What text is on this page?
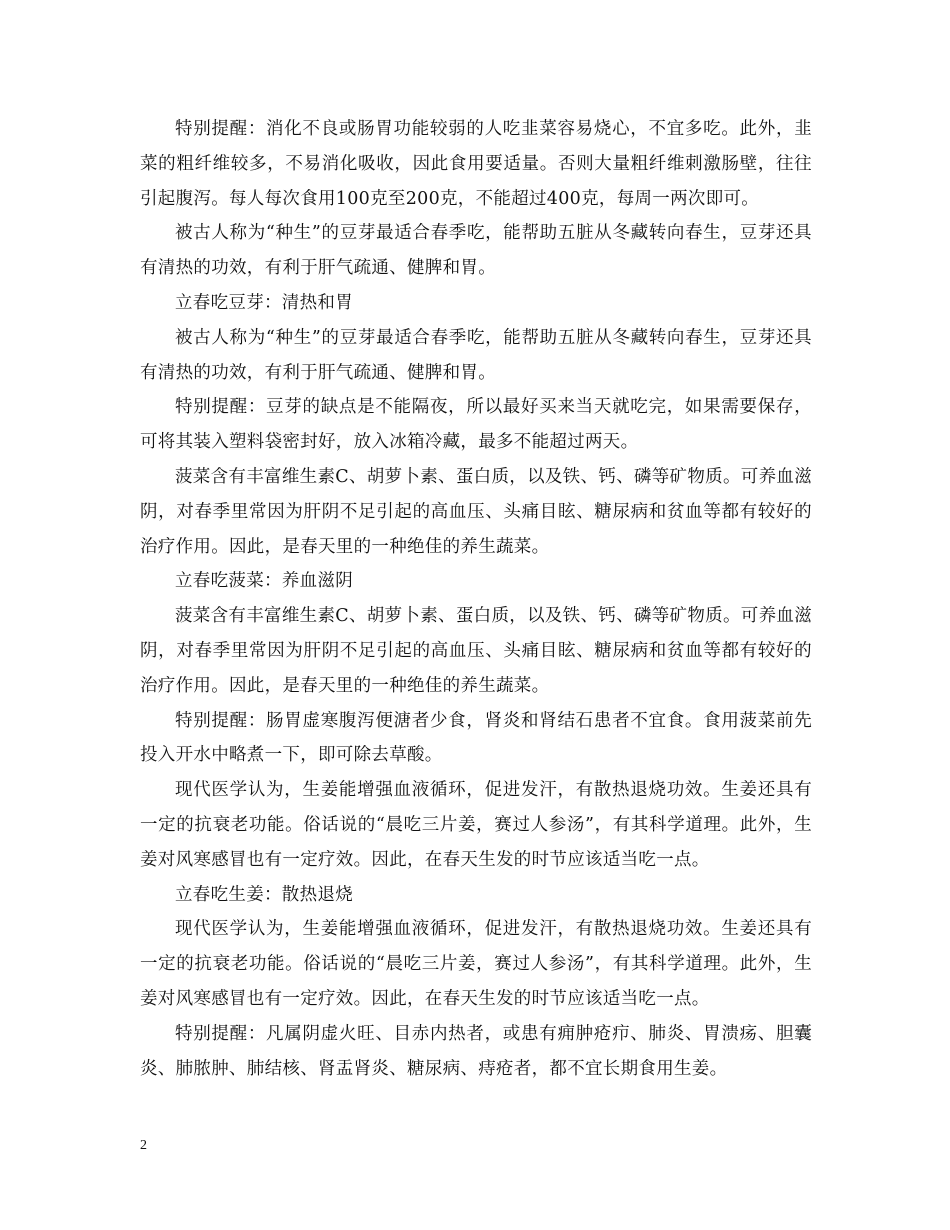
特别提醒：消化不良或肠胃功能较弱的人吃韭菜容易烧心，不宜多吃。此外，韭菜的粗纤维较多，不易消化吸收，因此食用要适量。否则大量粗纤维刺激肠壁，往往引起腹泻。每人每次食用100克至200克，不能超过400克，每周一两次即可。

被古人称为“种生”的豆芽最适合春季吃，能帮助五脏从冬藏转向春生，豆芽还具有清热的功效，有利于肝气疏通、健脾和胃。

立春吃豆芽：清热和胃

被古人称为“种生”的豆芽最适合春季吃，能帮助五脏从冬藏转向春生，豆芽还具有清热的功效，有利于肝气疏通、健脾和胃。

特别提醒：豆芽的缺点是不能隔夜，所以最好买来当天就吃完，如果需要保存，可将其装入塑料袋密封好，放入冰箱冷藏，最多不能超过两天。

菠菜含有丰富维生素C、胡萝卜素、蛋白质，以及铁、钙、磷等矿物质。可养血滋阴，对春季里常因为肝阴不足引起的高血压、头痛目眩、糖尿病和贫血等都有较好的治疗作用。因此，是春天里的一种绝佳的养生蔬菜。

立春吃菠菜：养血滋阴

菠菜含有丰富维生素C、胡萝卜素、蛋白质，以及铁、钙、磷等矿物质。可养血滋阴，对春季里常因为肝阴不足引起的高血压、头痛目眩、糖尿病和贫血等都有较好的治疗作用。因此，是春天里的一种绝佳的养生蔬菜。

特别提醒：肠胃虚寒腹泻便溏者少食，肾炎和肾结石患者不宜食。食用菠菜前先投入开水中略煮一下，即可除去草酸。

现代医学认为，生姜能增强血液循环，促进发汗，有散热退烧功效。生姜还具有一定的抗衰老功能。俗话说的“晨吃三片姜，赛过人参汤”，有其科学道理。此外，生姜对风寒感冒也有一定疗效。因此，在春天生发的时节应该适当吃一点。

立春吃生姜：散热退烧

现代医学认为，生姜能增强血液循环，促进发汗，有散热退烧功效。生姜还具有一定的抗衰老功能。俗话说的“晨吃三片姜，赛过人参汤”，有其科学道理。此外，生姜对风寒感冒也有一定疗效。因此，在春天生发的时节应该适当吃一点。

特别提醒：凡属阴虚火旺、目赤内热者，或患有痈肿疮疖、肺炎、胃溃疡、胆囊炎、肺脓肿、肺结核、肾盂肾炎、糖尿病、痔疮者，都不宜长期食用生姜。

2
